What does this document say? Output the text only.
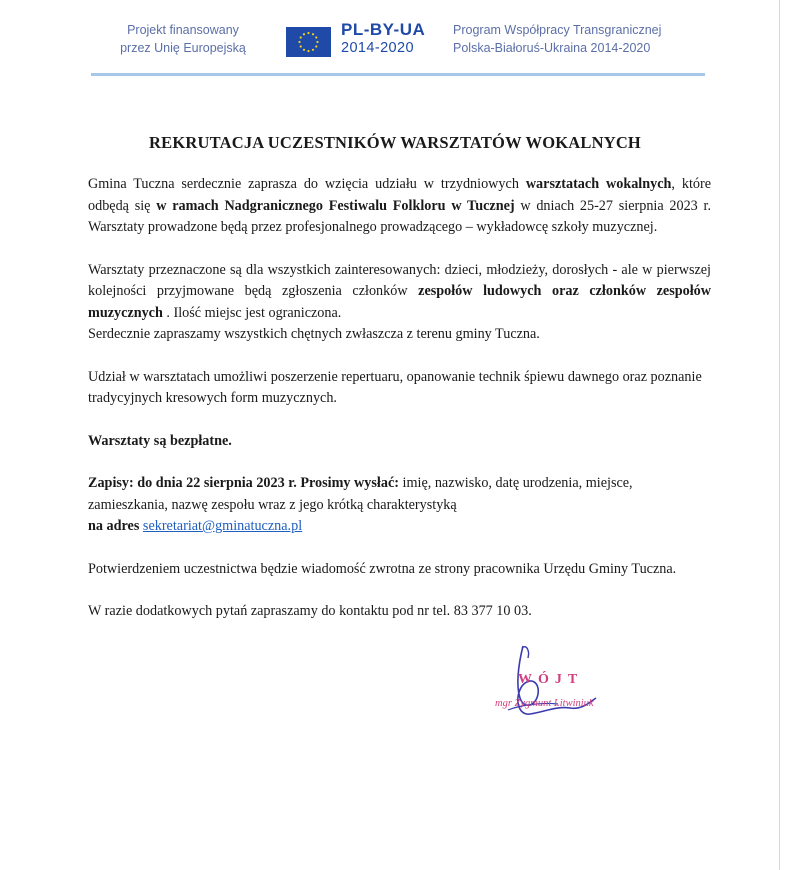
Projekt finansowany
przez Unię Europejską
PL-BY-UA
2014-2020
Program Współpracy Transgranicznej
Polska-Białoruś-Ukraina 2014-2020
REKRUTACJA UCZESTNIKÓW WARSZTATÓW WOKALNYCH

Gmina Tuczna serdecznie zaprasza do wzięcia udziału w trzydniowych warsztatach wokalnych, które odbędą się w ramach Nadgranicznego Festiwalu Folkloru w Tucznej w dniach 25-27 sierpnia 2023 r. Warsztaty prowadzone będą przez profesjonalnego prowadzącego – wykładowcę szkoły muzycznej.

Warsztaty przeznaczone są dla wszystkich zainteresowanych: dzieci, młodzieży, dorosłych - ale w pierwszej kolejności przyjmowane będą zgłoszenia członków zespołów ludowych oraz członków zespołów muzycznych . Ilość miejsc jest ograniczona.
Serdecznie zapraszamy wszystkich chętnych zwłaszcza z terenu gminy Tuczna.

Udział w warsztatach umożliwi poszerzenie repertuaru, opanowanie technik śpiewu dawnego oraz poznanie tradycyjnych kresowych form muzycznych.

Warsztaty są bezpłatne.

Zapisy: do dnia 22 sierpnia 2023 r. Prosimy wysłać: imię, nazwisko, datę urodzenia, miejsce, zamieszkania, nazwę zespołu wraz z jego krótką charakterystyką
na adres sekretariat@gminatuczna.pl

Potwierdzeniem uczestnictwa będzie wiadomość zwrotna ze strony pracownika Urzędu Gminy Tuczna.

W razie dodatkowych pytań zapraszamy do kontaktu pod nr tel. 83 377 10 03.

WÓJT
mgr Zygmunt Litwiniuk
